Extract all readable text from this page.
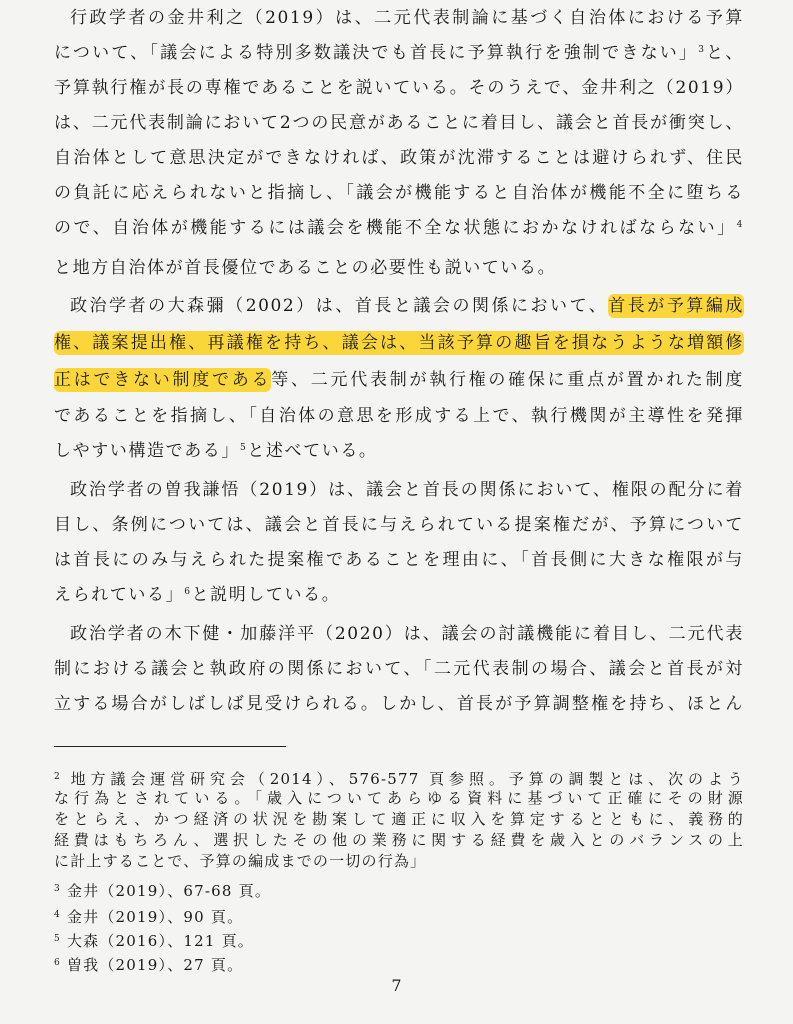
行政学者の金井利之（2019）は、二元代表制論に基づく自治体における予算
について、「議会による特別多数議決でも首長に予算執行を強制できない」$^3$と、
予算執行権が長の専権であることを説いている。そのうえで、金井利之（2019）
は、二元代表制論において2つの民意があることに着目し、議会と首長が衝突し、
自治体として意思決定ができなければ、政策が沈滞することは避けられず、住民
の負託に応えられないと指摘し、「議会が機能すると自治体が機能不全に堕ちる
ので、自治体が機能するには議会を機能不全な状態におかなければならない」$^4$
と地方自治体が首長優位であることの必要性も説いている。
政治学者の大森彌（2002）は、首長と議会の関係において、首長が予算編成
権、議案提出権、再議権を持ち、議会は、当該予算の趣旨を損なうような増額修
正はできない制度である等、二元代表制が執行権の確保に重点が置かれた制度
であることを指摘し、「自治体の意思を形成する上で、執行機関が主導性を発揮
しやすい構造である」$^5$と述べている。
政治学者の曽我謙悟（2019）は、議会と首長の関係において、権限の配分に着
目し、条例については、議会と首長に与えられている提案権だが、予算について
は首長にのみ与えられた提案権であることを理由に、「首長側に大きな権限が与
えられている」$^6$と説明している。
政治学者の木下健・加藤洋平（2020）は、議会の討議機能に着目し、二元代表
制における議会と執政府の関係において、「二元代表制の場合、議会と首長が対
立する場合がしばしば見受けられる。しかし、首長が予算調整権を持ち、ほとん
$^2$ 地方議会運営研究会（2014）、576‐577 頁参照。予算の調製とは、次のよう
な行為とされている。「歳入についてあらゆる資料に基づいて正確にその財源
をとらえ、かつ経済の状況を勘案して適正に収入を算定するとともに、義務的
経費はもちろん、選択したその他の業務に関する経費を歳入とのバランスの上
に計上することで、予算の編成までの一切の行為」
$^3$ 金井（2019）、67-68 頁。
$^4$ 金井（2019）、90 頁。
$^5$ 大森（2016）、121 頁。
$^6$ 曽我（2019）、27 頁。
7
